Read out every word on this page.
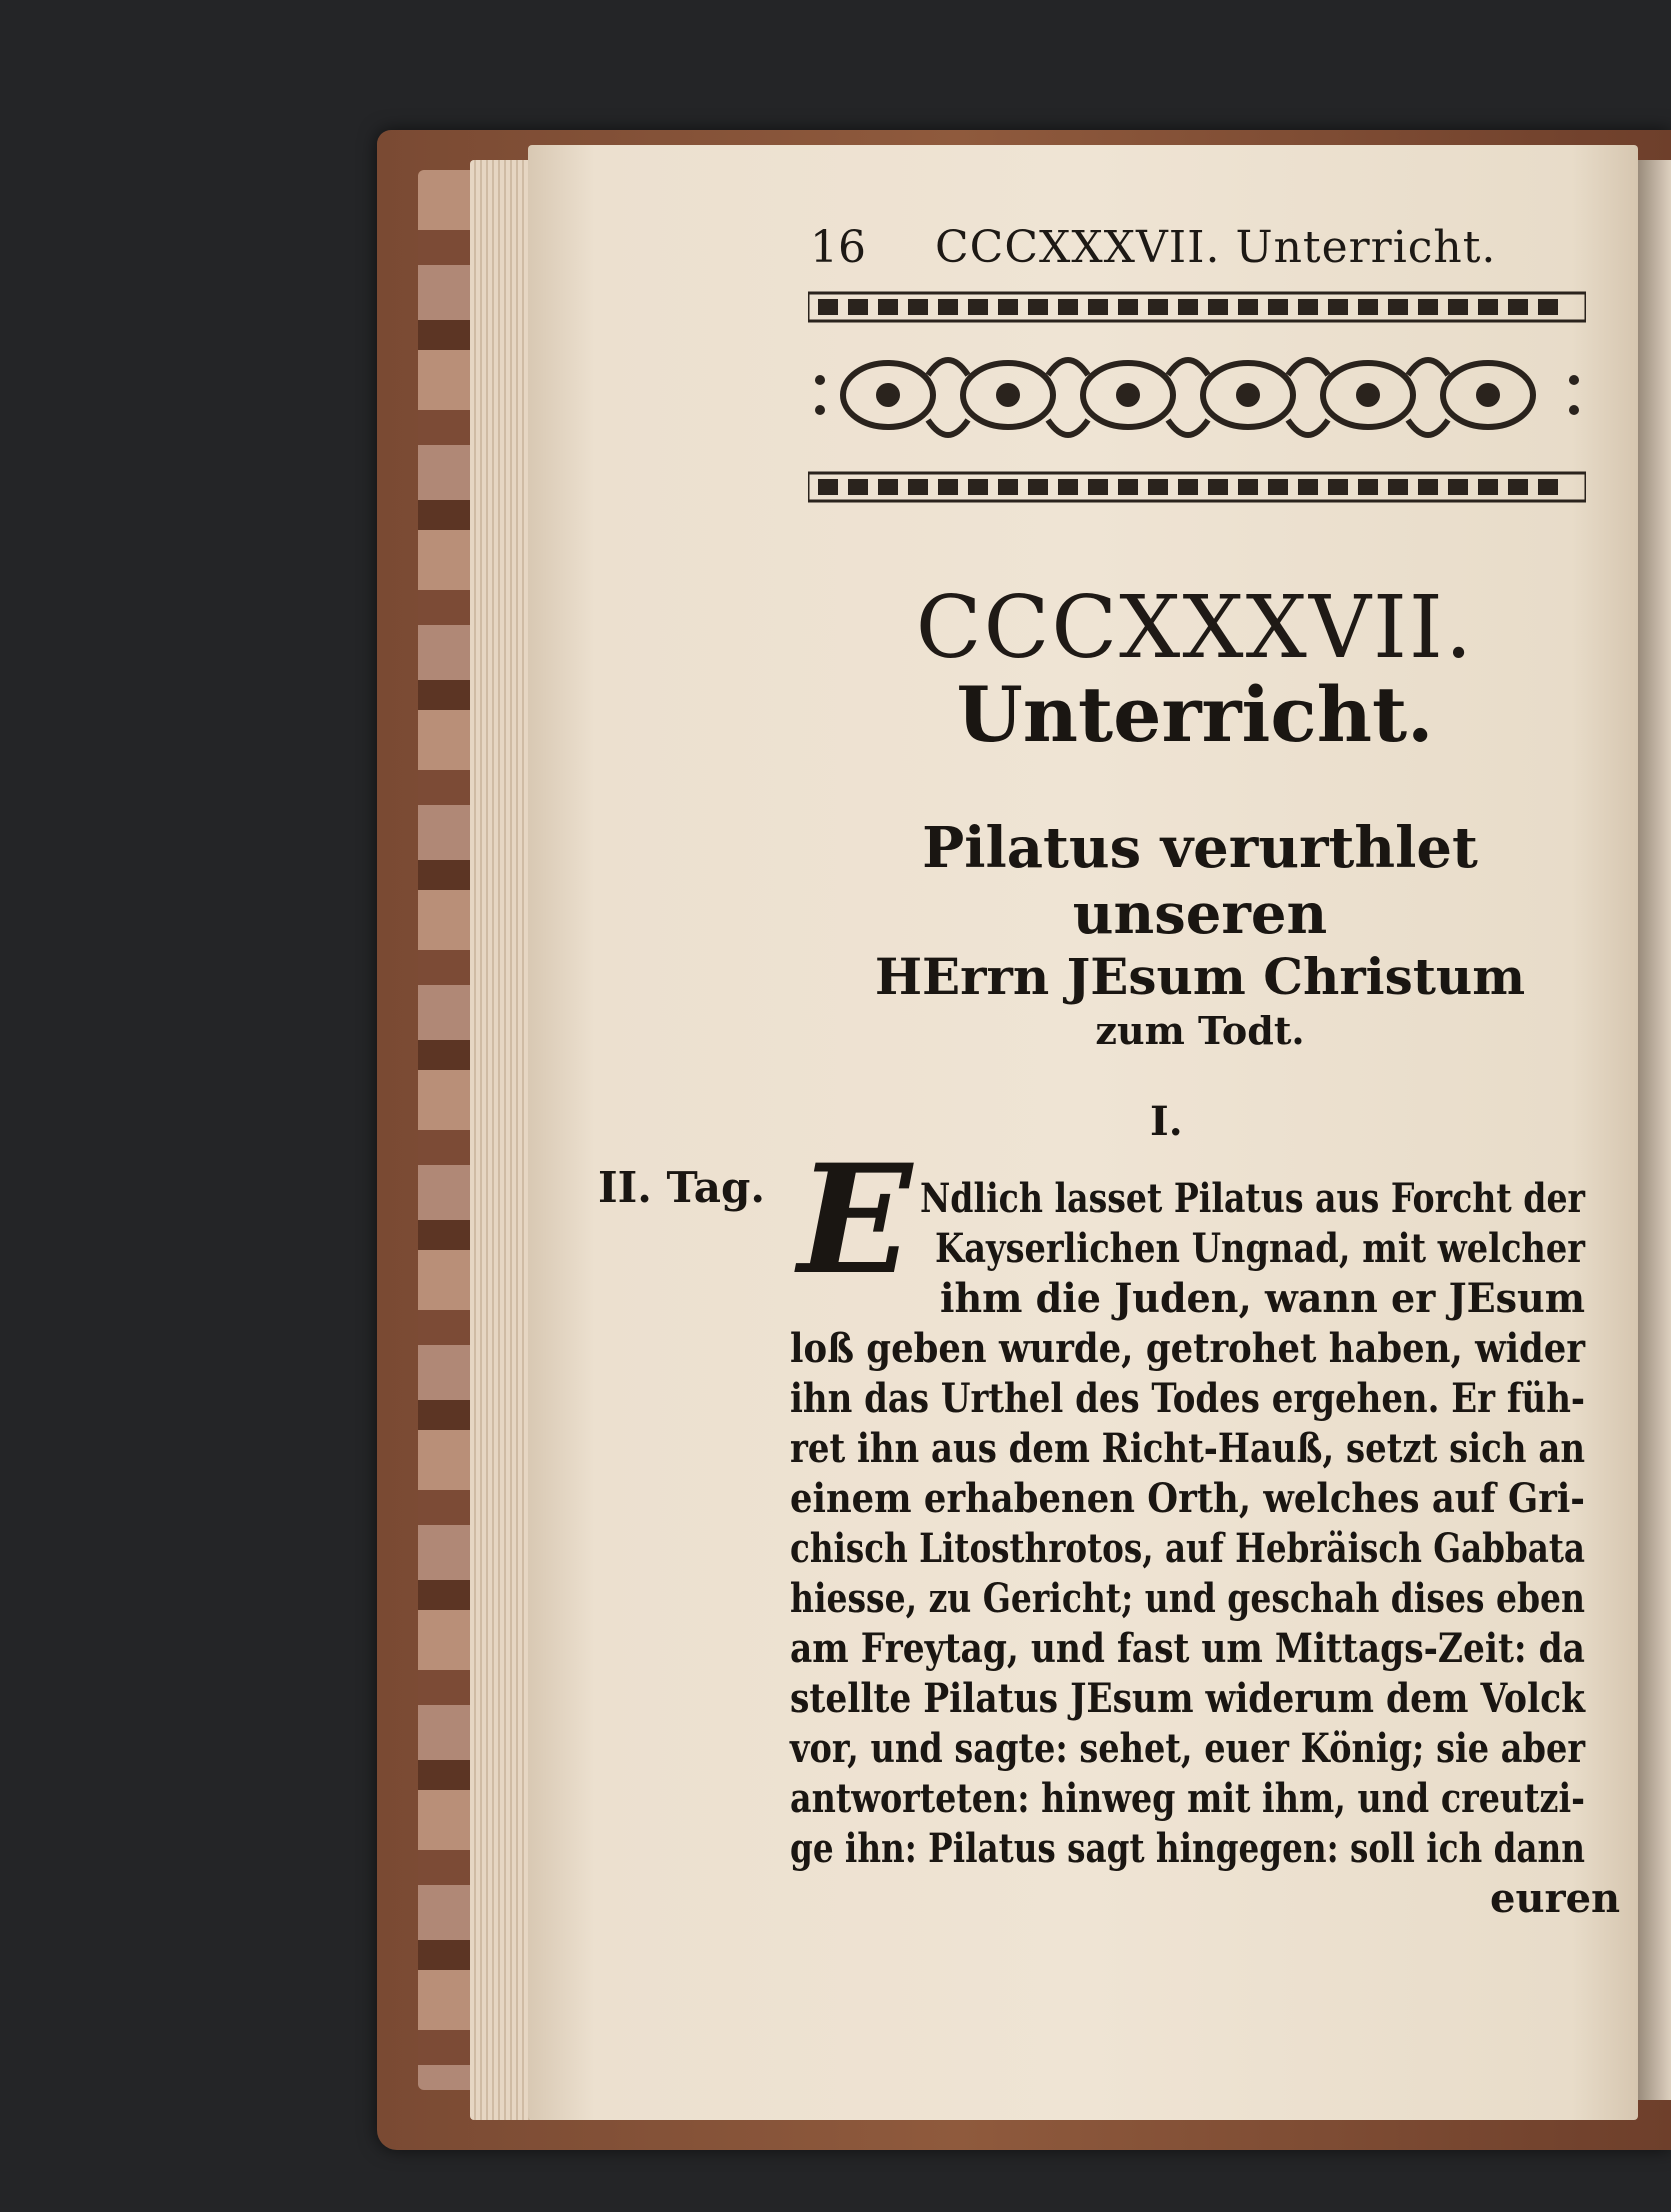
16 CCCXXXVII. Unterricht.
CCCXXXVII.
Unterricht.
Pilatus verurthlet unseren
HErrn JEsum Christum
zum Todt.
I.
II. Tag. E Ndlich lasset Pilatus aus Forcht der
Kayserlichen Ungnad, mit welcher
ihm die Juden, wann er JEsum
loß geben wurde, getrohet haben, wider
ihn das Urthel des Todes ergehen. Er füh-
ret ihn aus dem Richt-Hauß, setzt sich an
einem erhabenen Orth, welches auf Gri-
chisch Litosthrotos, auf Hebräisch Gabbata
hiesse, zu Gericht; und geschah dises eben
am Freytag, und fast um Mittags-Zeit: da
stellte Pilatus JEsum widerum dem Volck
vor, und sagte: sehet, euer König; sie aber
antworteten: hinweg mit ihm, und creutzi-
ge ihn: Pilatus sagt hingegen: soll ich dann
euren
